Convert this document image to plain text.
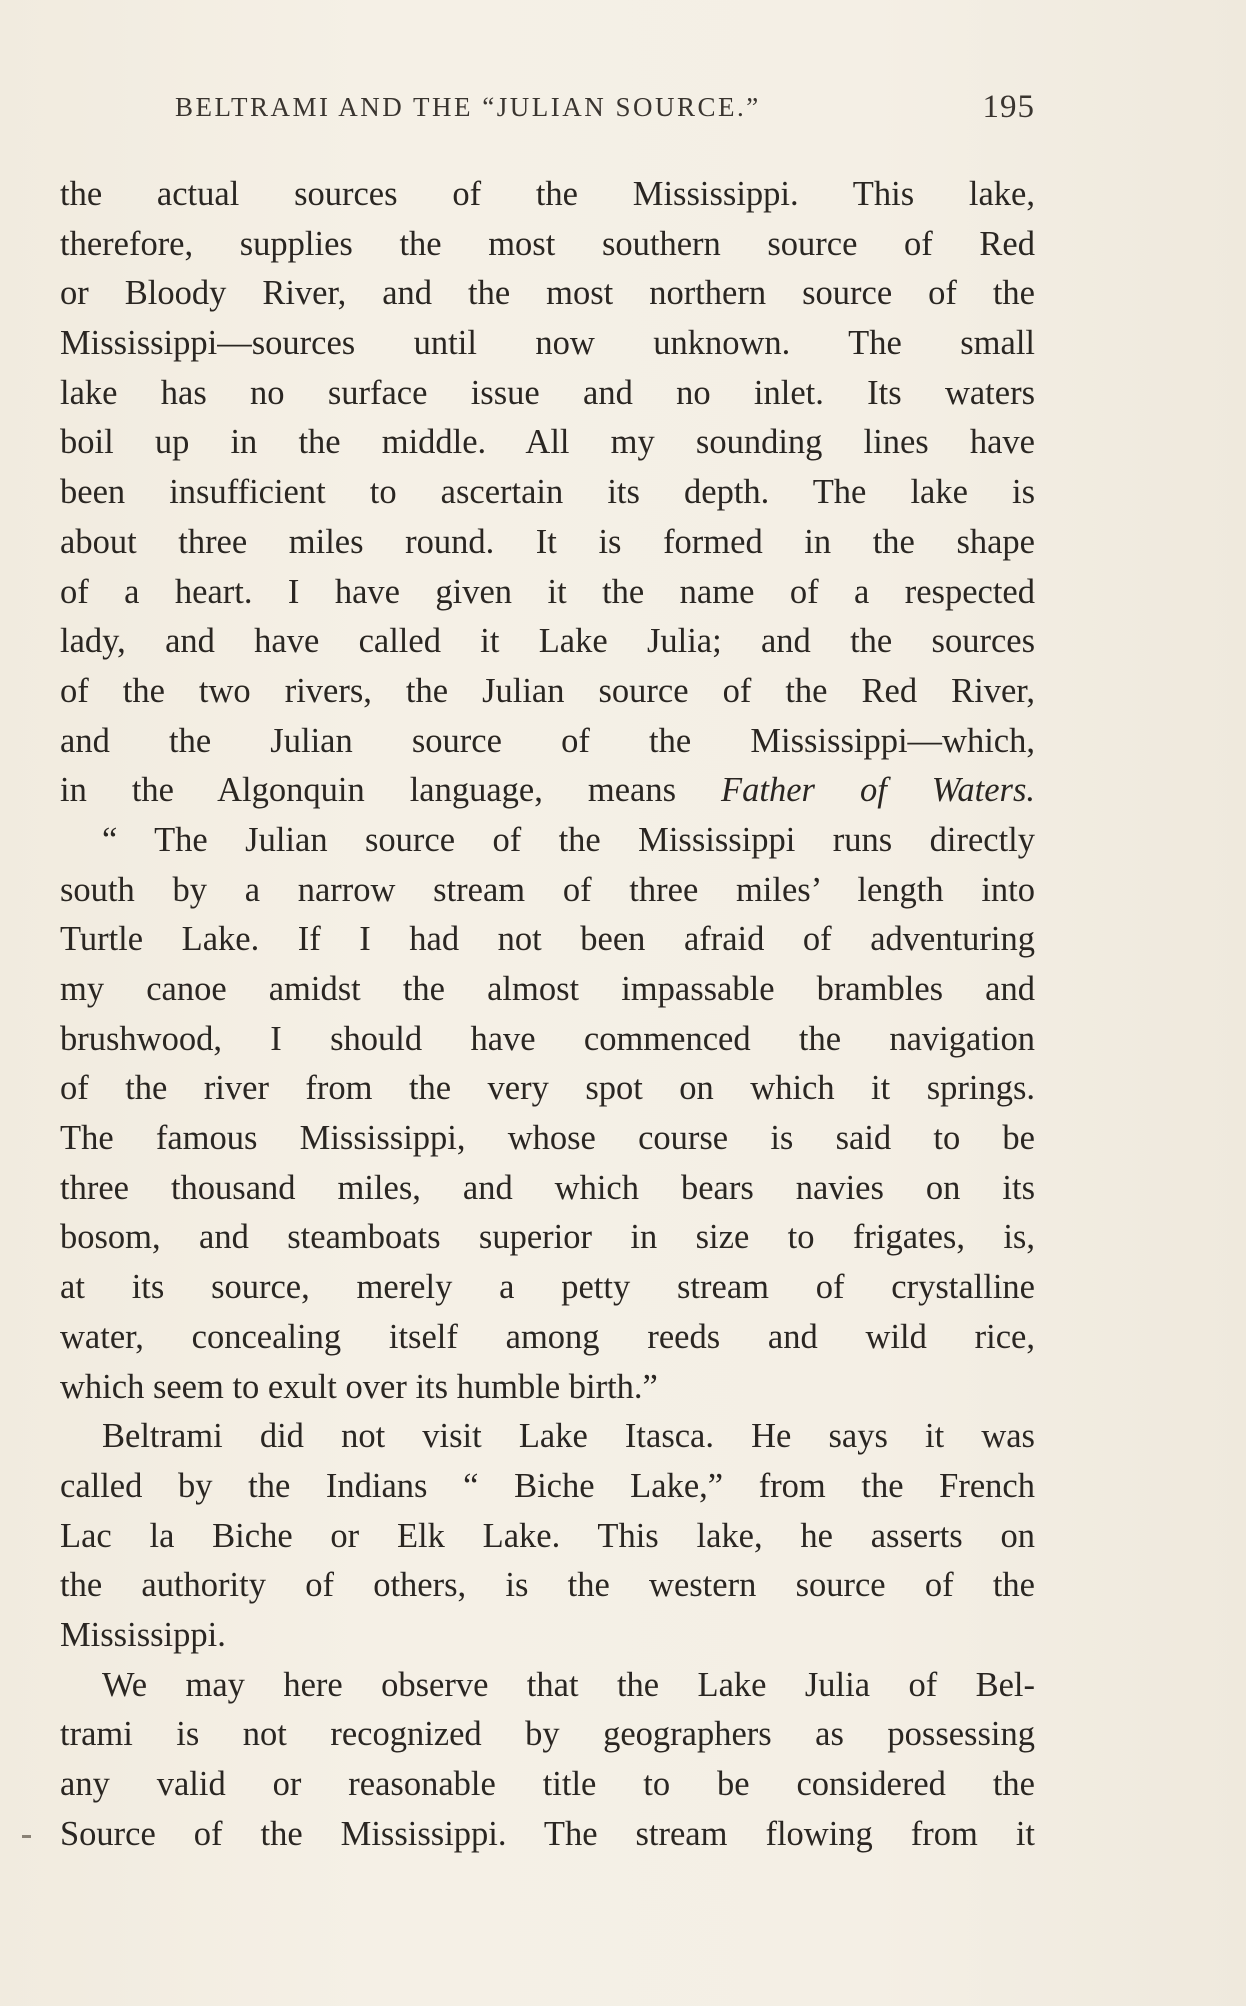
BELTRAMI AND THE “JULIAN SOURCE.”	195
the actual sources of the Mississippi. This lake,
therefore, supplies the most southern source of Red
or Bloody River, and the most northern source of the
Mississippi—sources until now unknown. The small
lake has no surface issue and no inlet. Its waters
boil up in the middle. All my sounding lines have
been insufficient to ascertain its depth. The lake is
about three miles round. It is formed in the shape
of a heart. I have given it the name of a respected
lady, and have called it Lake Julia; and the sources
of the two rivers, the Julian source of the Red River,
and the Julian source of the Mississippi—which,
in the Algonquin language, means Father of Waters.
“ The Julian source of the Mississippi runs directly
south by a narrow stream of three miles’ length into
Turtle Lake. If I had not been afraid of adventuring
my canoe amidst the almost impassable brambles and
brushwood, I should have commenced the navigation
of the river from the very spot on which it springs.
The famous Mississippi, whose course is said to be
three thousand miles, and which bears navies on its
bosom, and steamboats superior in size to frigates, is,
at its source, merely a petty stream of crystalline
water, concealing itself among reeds and wild rice,
which seem to exult over its humble birth.”
Beltrami did not visit Lake Itasca. He says it was
called by the Indians “ Biche Lake,” from the French
Lac la Biche or Elk Lake. This lake, he asserts on
the authority of others, is the western source of the
Mississippi.
We may here observe that the Lake Julia of Bel-
trami is not recognized by geographers as possessing
any valid or reasonable title to be considered the
Source of the Mississippi. The stream flowing from it
